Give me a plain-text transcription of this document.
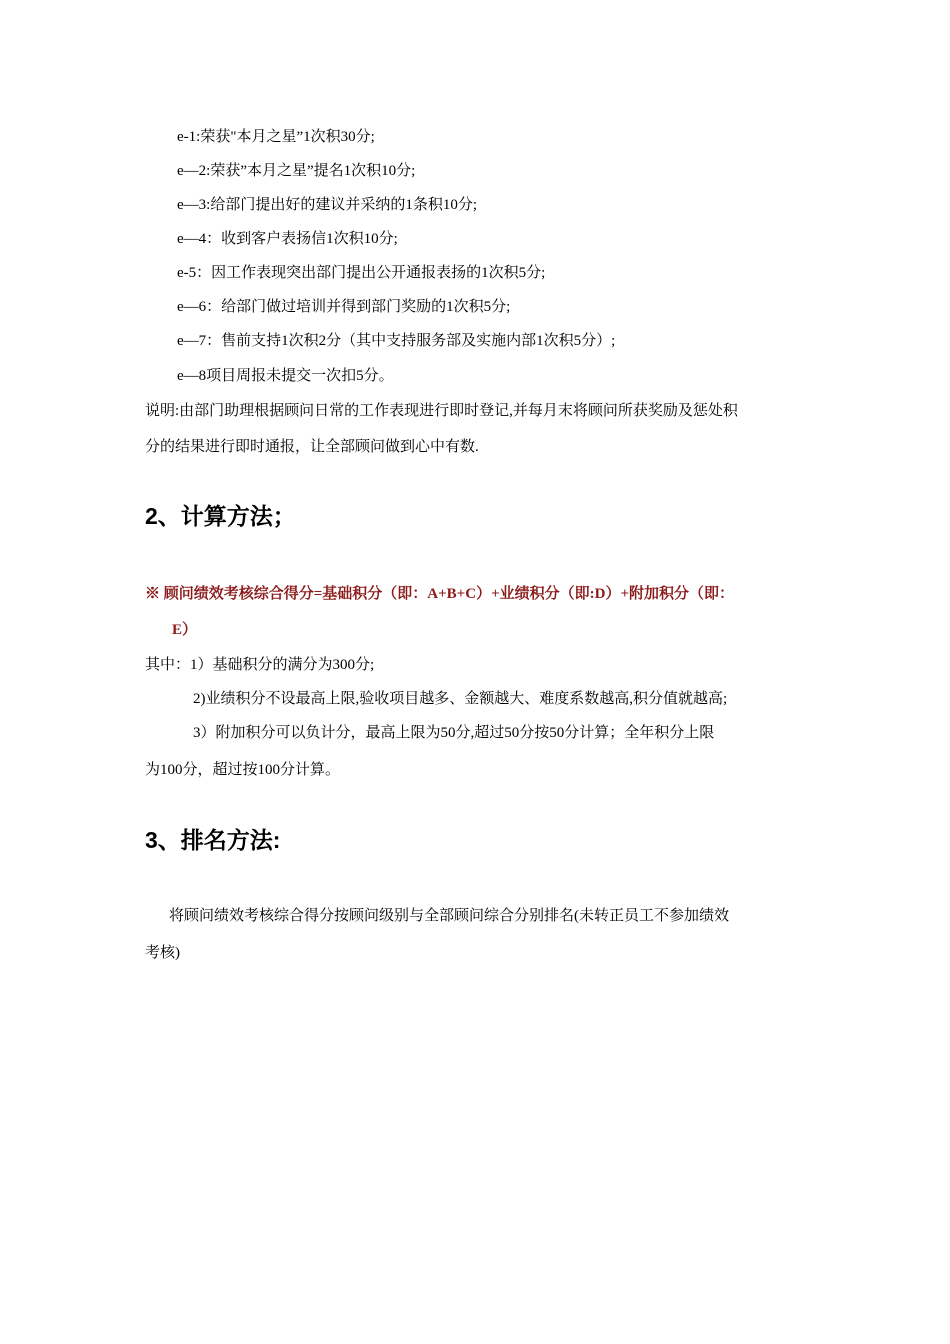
e-1:荣获"本月之星”1次积30分;
e—2:荣获”本月之星”提名1次积10分;
e—3:给部门提出好的建议并采纳的1条积10分;
e—4：收到客户表扬信1次积10分;
e-5：因工作表现突出部门提出公开通报表扬的1次积5分;
e—6：给部门做过培训并得到部门奖励的1次积5分;
e—7：售前支持1次积2分（其中支持服务部及实施内部1次积5分）;
e—8项目周报未提交一次扣5分。
说明:由部门助理根据顾问日常的工作表现进行即时登记,并每月末将顾问所获奖励及惩处积
分的结果进行即时通报，让全部顾问做到心中有数.
2、计算方法；
※ 顾问绩效考核综合得分=基础积分（即：A+B+C）+业绩积分（即:D）+附加积分（即：
E）
其中：1）基础积分的满分为300分;
2)业绩积分不设最高上限,验收项目越多、金额越大、难度系数越高,积分值就越高;
3）附加积分可以负计分，最高上限为50分,超过50分按50分计算；全年积分上限
为100分，超过按100分计算。
3、排名方法:
将顾问绩效考核综合得分按顾问级别与全部顾问综合分别排名(未转正员工不参加绩效
考核)
